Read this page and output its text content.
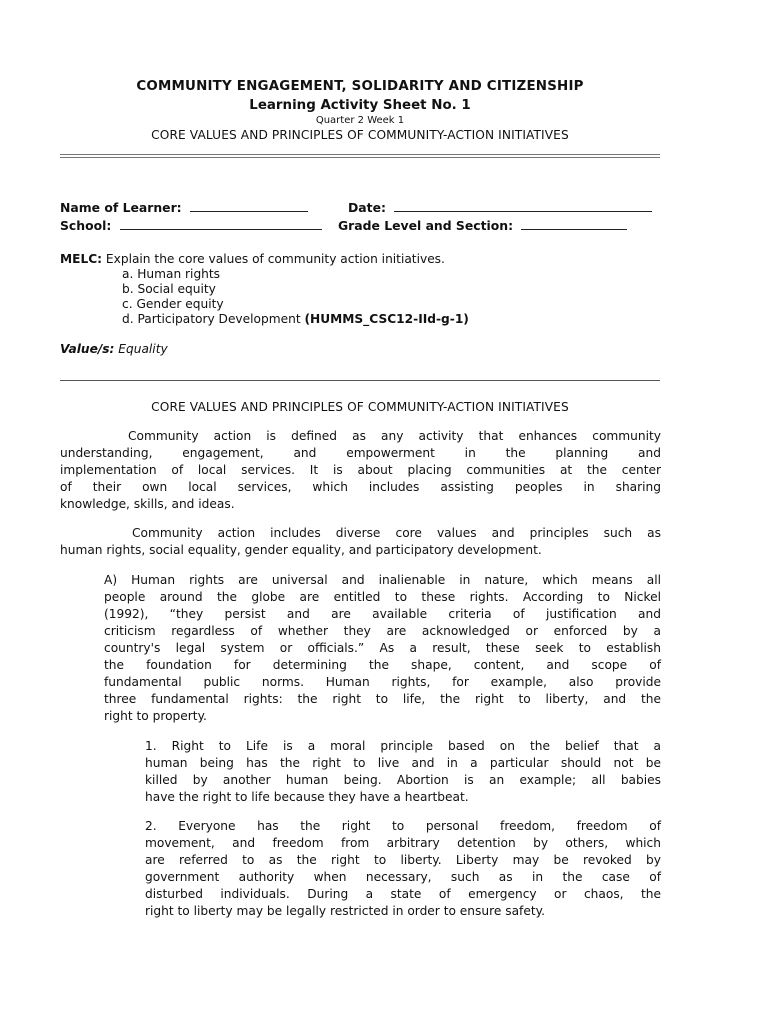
COMMUNITY ENGAGEMENT, SOLIDARITY AND CITIZENSHIP
Learning Activity Sheet No. 1
Quarter 2 Week 1
CORE VALUES AND PRINCIPLES OF COMMUNITY-ACTION INITIATIVES
Name of Learner:	Date:
School:	Grade Level and Section:
MELC: Explain the core values of community action initiatives.
a. Human rights
b. Social equity
c. Gender equity
d. Participatory Development (HUMMS_CSC12-IId-g-1)
Value/s: Equality
CORE VALUES AND PRINCIPLES OF COMMUNITY-ACTION INITIATIVES
Community action is defined as any activity that enhances community
understanding, engagement, and empowerment in the planning and
implementation of local services. It is about placing communities at the center
of their own local services, which includes assisting peoples in sharing
knowledge, skills, and ideas.
Community action includes diverse core values and principles such as
human rights, social equality, gender equality, and participatory development.
A) Human rights are universal and inalienable in nature, which means all
people around the globe are entitled to these rights. According to Nickel
(1992), “they persist and are available criteria of justification and
criticism regardless of whether they are acknowledged or enforced by a
country's legal system or officials.” As a result, these seek to establish
the foundation for determining the shape, content, and scope of
fundamental public norms. Human rights, for example, also provide
three fundamental rights: the right to life, the right to liberty, and the
right to property.
1. Right to Life is a moral principle based on the belief that a
human being has the right to live and in a particular should not be
killed by another human being. Abortion is an example; all babies
have the right to life because they have a heartbeat.
2. Everyone has the right to personal freedom, freedom of
movement, and freedom from arbitrary detention by others, which
are referred to as the right to liberty. Liberty may be revoked by
government authority when necessary, such as in the case of
disturbed individuals. During a state of emergency or chaos, the
right to liberty may be legally restricted in order to ensure safety.
